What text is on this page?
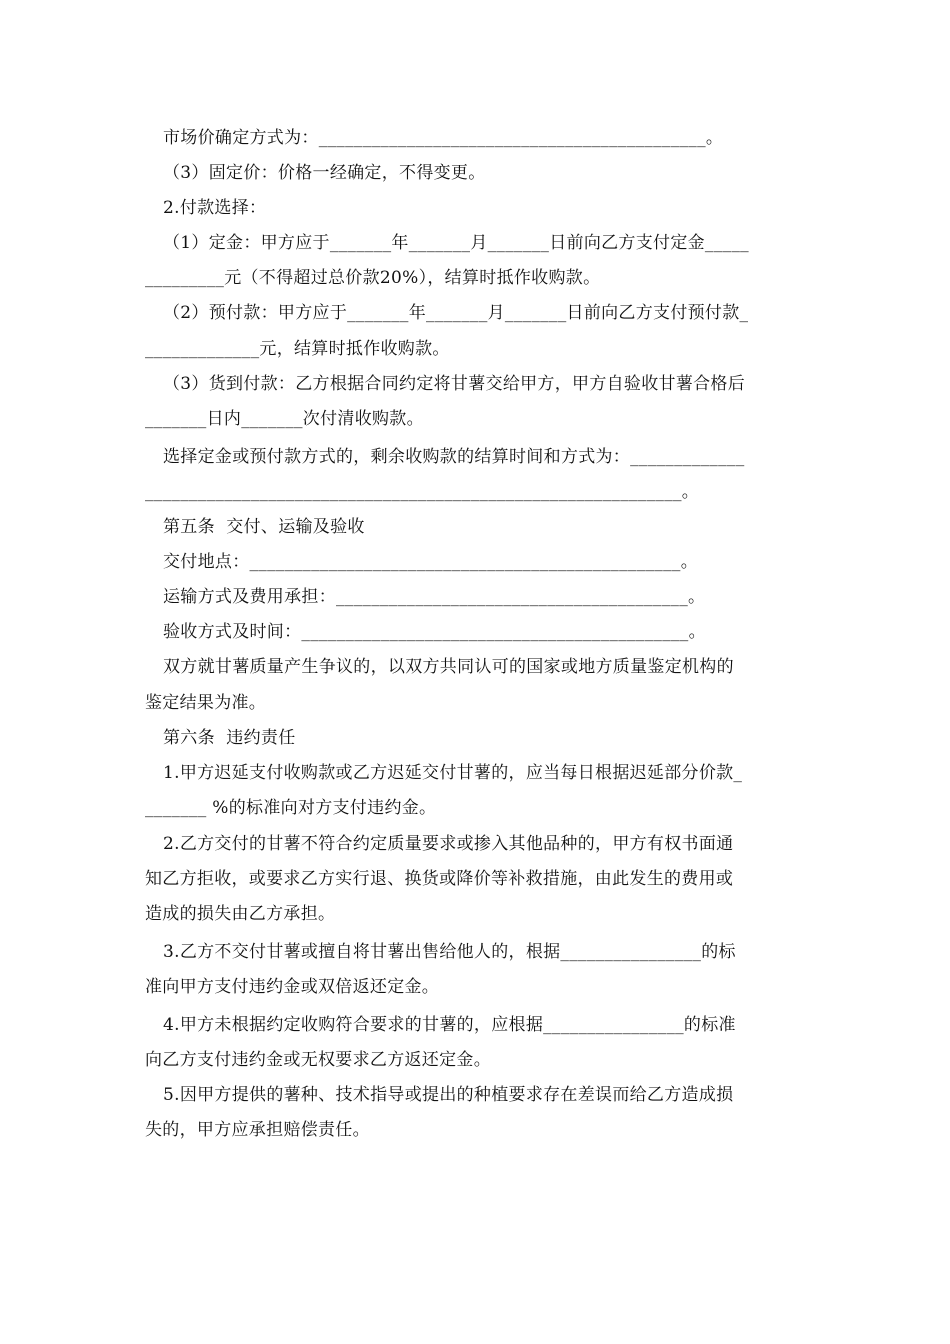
市场价确定方式为：____________________________________________。
（3）固定价：价格一经确定，不得变更。
2.付款选择：
（1）定金：甲方应于_______年_______月_______日前向乙方支付定金_____
_________元（不得超过总价款20%），结算时抵作收购款。
（2）预付款：甲方应于_______年_______月_______日前向乙方支付预付款_
_____________元，结算时抵作收购款。
（3）货到付款：乙方根据合同约定将甘薯交给甲方，甲方自验收甘薯合格后
_______日内_______次付清收购款。
选择定金或预付款方式的，剩余收购款的结算时间和方式为：_____________
_____________________________________________________________。
第五条  交付、运输及验收
交付地点：_________________________________________________。
运输方式及费用承担：________________________________________。
验收方式及时间：____________________________________________。
双方就甘薯质量产生争议的，以双方共同认可的国家或地方质量鉴定机构的
鉴定结果为准。
第六条  违约责任
1.甲方迟延支付收购款或乙方迟延交付甘薯的，应当每日根据迟延部分价款_
_______ %的标准向对方支付违约金。
2.乙方交付的甘薯不符合约定质量要求或掺入其他品种的，甲方有权书面通
知乙方拒收，或要求乙方实行退、换货或降价等补救措施，由此发生的费用或
造成的损失由乙方承担。
3.乙方不交付甘薯或擅自将甘薯出售给他人的，根据________________的标
准向甲方支付违约金或双倍返还定金。
4.甲方未根据约定收购符合要求的甘薯的，应根据________________的标准
向乙方支付违约金或无权要求乙方返还定金。
5.因甲方提供的薯种、技术指导或提出的种植要求存在差误而给乙方造成损
失的，甲方应承担赔偿责任。
